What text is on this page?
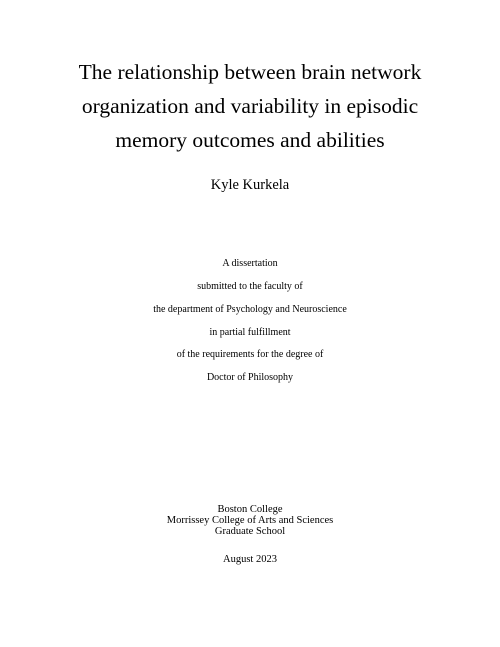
The relationship between brain network
organization and variability in episodic
memory outcomes and abilities
Kyle Kurkela
A dissertation
submitted to the faculty of
the department of Psychology and Neuroscience
in partial fulfillment
of the requirements for the degree of
Doctor of Philosophy
Boston College
Morrissey College of Arts and Sciences
Graduate School
August 2023
